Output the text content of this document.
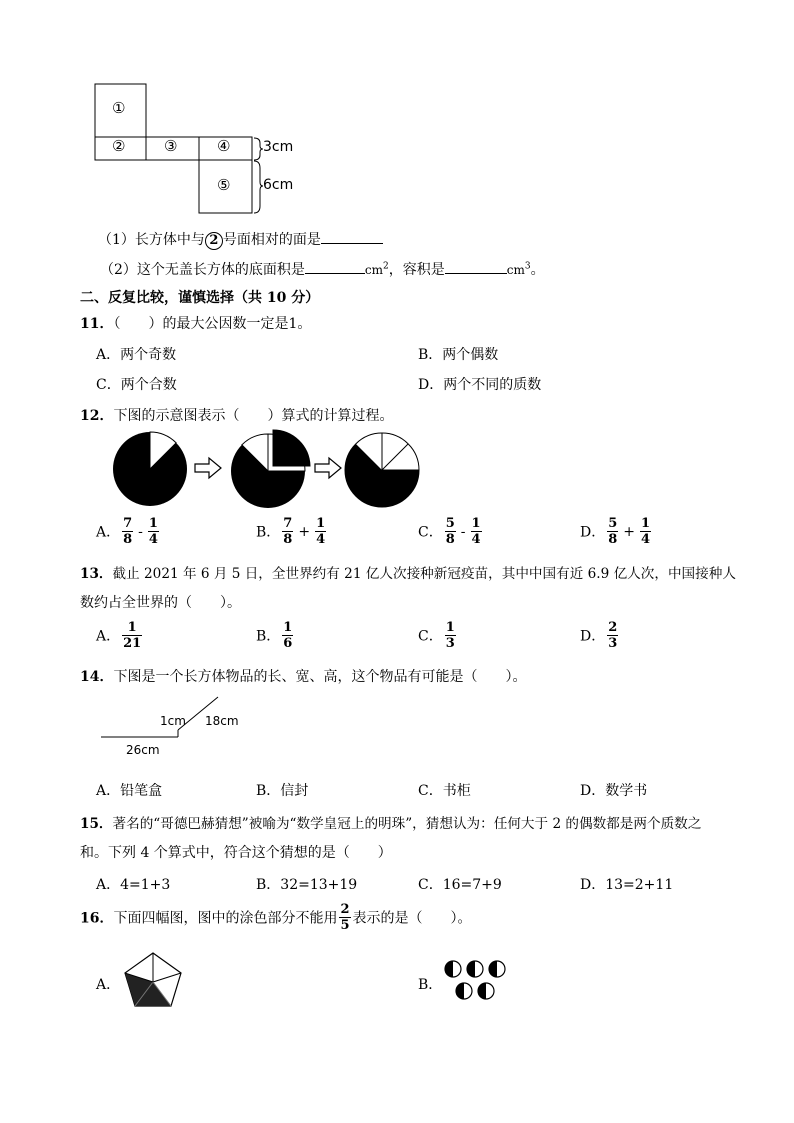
①
②	③	④
⑤
3cm
6cm
（1）长方体中与 2 号面相对的面是
（2）这个无盖长方体的底面积是	$cm^2$，容积是	$cm^3$。
二、反复比较，谨慎选择（共 10 分）
11．（　　）的最大公因数一定是1。
A．两个奇数	B．两个偶数
C．两个合数	D．两个不同的质数
12．下图的示意图表示（　　）算式的计算过程。
A． $\frac{7}{8} - \frac{1}{4}$	B． $\frac{7}{8} + \frac{1}{4}$	C． $\frac{5}{8} - \frac{1}{4}$	D． $\frac{5}{8} + \frac{1}{4}$
13．截止 2021 年 6 月 5 日，全世界约有 21 亿人次接种新冠疫苗，其中中国有近 6.9 亿人次，中国接种人
数约占全世界的（　　）。
A． $\frac{1}{21}$	B． $\frac{1}{6}$	C． $\frac{1}{3}$	D． $\frac{2}{3}$
14．下图是一个长方体物品的长、宽、高，这个物品有可能是（　　）。
1cm 18cm
26cm
A．铅笔盒	B．信封	C．书柜	D．数学书
15．著名的“哥德巴赫猜想”被喻为“数学皇冠上的明珠”，猜想认为：任何大于 2 的偶数都是两个质数之
和。下列 4 个算式中，符合这个猜想的是（　　）
A．4=1+3	B．32=13+19	C．16=7+9	D．13=2+11
16．下面四幅图，图中的涂色部分不能用 $\frac{2}{5}$ 表示的是（　　）。
A．	B．
